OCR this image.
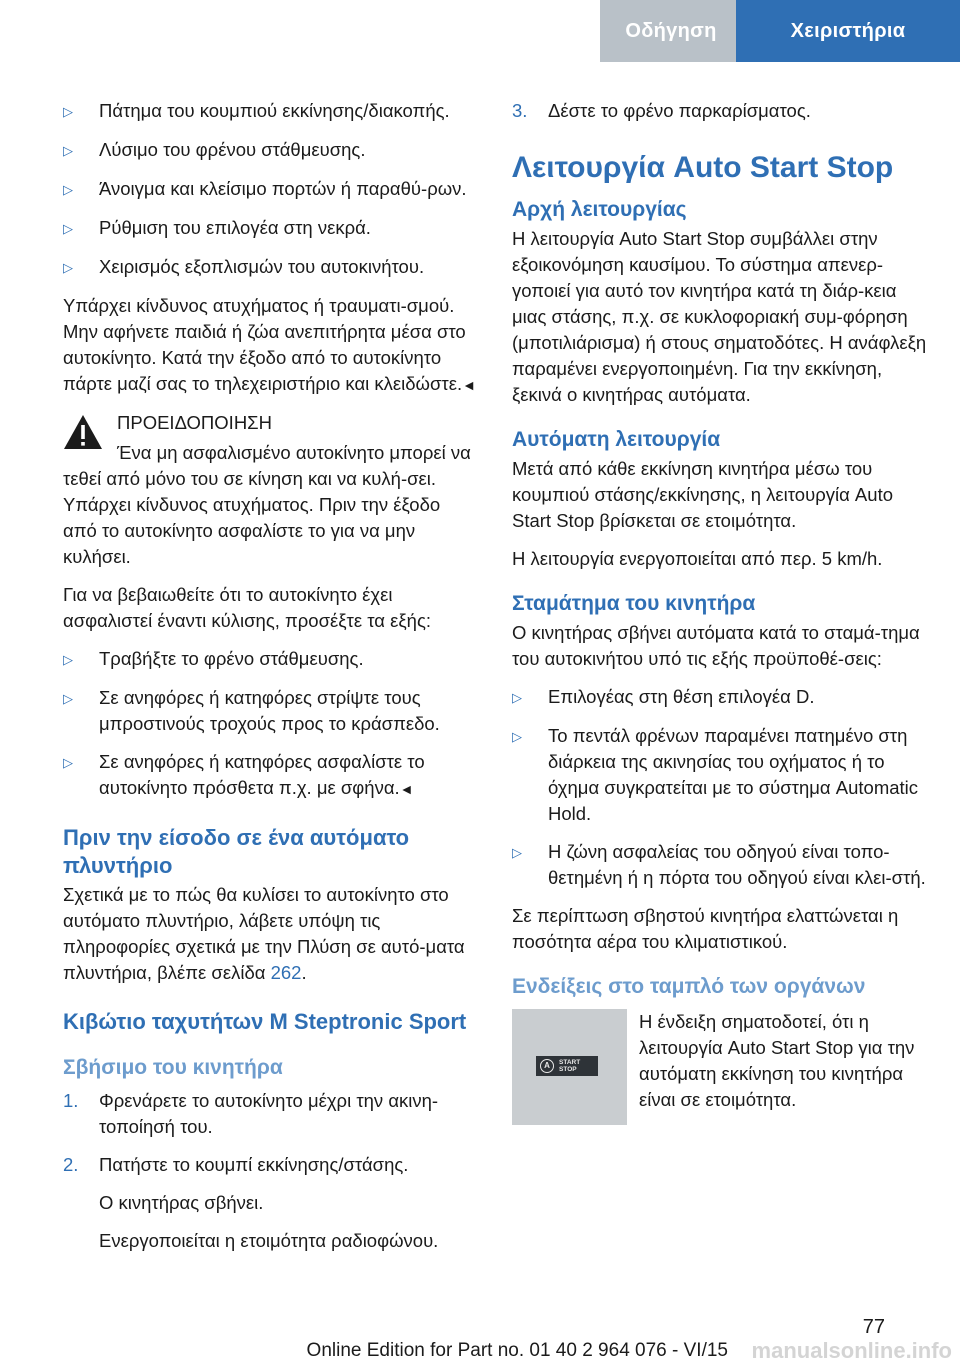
Οδήγηση	Χειριστήρια
▷	Πάτημα του κουμπιού εκκίνησης/διακοπής.
▷	Λύσιμο του φρένου στάθμευσης.
▷	Άνοιγμα και κλείσιμο πορτών ή παραθύ-ρων.
▷	Ρύθμιση του επιλογέα στη νεκρά.
▷	Χειρισμός εξοπλισμών του αυτοκινήτου.

Υπάρχει κίνδυνος ατυχήματος ή τραυματι-σμού. Μην αφήνετε παιδιά ή ζώα ανεπιτήρητα μέσα στο αυτοκίνητο. Κατά την έξοδο από το αυτοκίνητο πάρτε μαζί σας το τηλεχειριστήριο και κλειδώστε.◄

ΠΡΟΕΙΔΟΠΟΙΗΣΗ

Ένα μη ασφαλισμένο αυτοκίνητο μπορεί να τεθεί από μόνο του σε κίνηση και να κυλή-σει. Υπάρχει κίνδυνος ατυχήματος. Πριν την έξοδο από το αυτοκίνητο ασφαλίστε το για να μην κυλήσει.

Για να βεβαιωθείτε ότι το αυτοκίνητο έχει ασφαλιστεί έναντι κύλισης, προσέξτε τα εξής:

▷	Τραβήξτε το φρένο στάθμευσης.
▷	Σε ανηφόρες ή κατηφόρες στρίψτε τους μπροστινούς τροχούς προς το κράσπεδο.
▷	Σε ανηφόρες ή κατηφόρες ασφαλίστε το αυτοκίνητο πρόσθετα π.χ. με σφήνα.◄
Πριν την είσοδο σε ένα αυτόματο πλυντήριο

Σχετικά με το πώς θα κυλίσει το αυτοκίνητο στο αυτόματο πλυντήριο, λάβετε υπόψη τις πληροφορίες σχετικά με την Πλύση σε αυτό-ματα πλυντήρια, βλέπε σελίδα 262.

Κιβώτιο ταχυτήτων M Steptronic Sport
Σβήσιμο του κινητήρα
1.	Φρενάρετε το αυτοκίνητο μέχρι την ακινη-τοποίησή του.
2.	Πατήστε το κουμπί εκκίνησης/στάσης.

Ο κινητήρας σβήνει.

Ενεργοποιείται η ετοιμότητα ραδιοφώνου.

3.	Δέστε το φρένο παρκαρίσματος.
Λειτουργία Auto Start Stop
Αρχή λειτουργίας

Η λειτουργία Auto Start Stop συμβάλλει στην εξοικονόμηση καυσίμου. Το σύστημα απενερ-γοποιεί για αυτό τον κινητήρα κατά τη διάρ-κεια μιας στάσης, π.χ. σε κυκλοφοριακή συμ-φόρηση (μποτιλιάρισμα) ή στους σηματοδότες. Η ανάφλεξη παραμένει ενεργοποιημένη. Για την εκκίνηση, ξεκινά ο κινητήρας αυτόματα.

Αυτόματη λειτουργία

Μετά από κάθε εκκίνηση κινητήρα μέσω του κουμπιού στάσης/εκκίνησης, η λειτουργία Auto Start Stop βρίσκεται σε ετοιμότητα.

Η λειτουργία ενεργοποιείται από περ. 5 km/h.

Σταμάτημα του κινητήρα

Ο κινητήρας σβήνει αυτόματα κατά το σταμά-τημα του αυτοκινήτου υπό τις εξής προϋποθέ-σεις:

▷	Επιλογέας στη θέση επιλογέα D.
▷	Το πεντάλ φρένων παραμένει πατημένο στη διάρκεια της ακινησίας του οχήματος ή το όχημα συγκρατείται με το σύστημα Automatic Hold.
▷	Η ζώνη ασφαλείας του οδηγού είναι τοπο-θετημένη ή η πόρτα του οδηγού είναι κλει-στή.

Σε περίπτωση σβηστού κινητήρα ελαττώνεται η ποσότητα αέρα του κλιματιστικού.

Ενδείξεις στο ταμπλό των οργάνων
A	START
STOP

Η ένδειξη σηματοδοτεί, ότι η λειτουργία Auto Start Stop για την αυτόματη εκκίνηση του κινητήρα είναι σε ετοιμότητα.

77
Online Edition for Part no. 01 40 2 964 076 - VI/15 manualsonline.info
